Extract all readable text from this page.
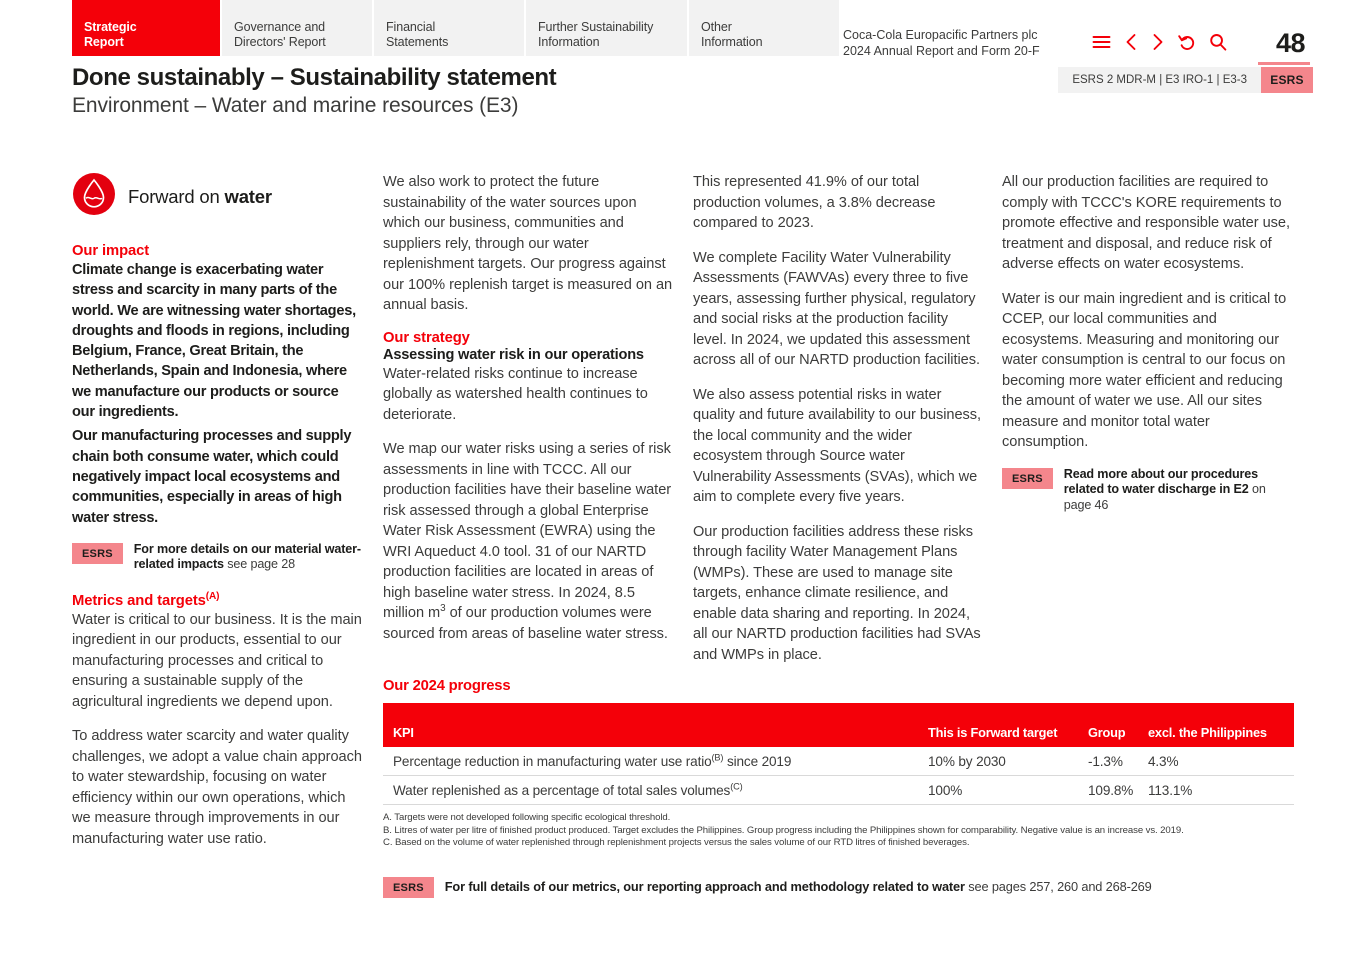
Strategic
Report
Governance and
Directors' Report
Financial
Statements
Further Sustainability
Information
Other
Information	Coca-Cola Europacific Partners plc
2024 Annual Report and Form 20-F	48
Done sustainably – Sustainability statement
Environment – Water and marine resources (E3)
ESRS 2 MDR-M | E3 IRO-1 | E3-3	ESRS
Forward on water
Our impact
Climate change is exacerbating water stress and scarcity in many parts of the world. We are witnessing water shortages, droughts and floods in regions, including Belgium, France, Great Britain, the Netherlands, Spain and Indonesia, where we manufacture our products or source our ingredients.
Our manufacturing processes and supply chain both consume water, which could negatively impact local ecosystems and communities, especially in areas of high water stress.
ESRS	For more details on our material water-related impacts see page 28
Metrics and targets$^{(A)}$

Water is critical to our business. It is the main ingredient in our products, essential to our manufacturing processes and critical to ensuring a sustainable supply of the agricultural ingredients we depend upon.

To address water scarcity and water quality challenges, we adopt a value chain approach to water stewardship, focusing on water efficiency within our own operations, which we measure through improvements in our manufacturing water use ratio.

We also work to protect the future sustainability of the water sources upon which our business, communities and suppliers rely, through our water replenishment targets. Our progress against our 100% replenish target is measured on an annual basis.

Our strategy
Assessing water risk in our operations

Water-related risks continue to increase globally as watershed health continues to deteriorate.

We map our water risks using a series of risk assessments in line with TCCC. All our production facilities have their baseline water risk assessed through a global Enterprise Water Risk Assessment (EWRA) using the WRI Aqueduct 4.0 tool. 31 of our NARTD production facilities are located in areas of high baseline water stress. In 2024, 8.5 million $m^3$ of our production volumes were sourced from areas of baseline water stress.

This represented 41.9% of our total production volumes, a 3.8% decrease compared to 2023.

We complete Facility Water Vulnerability Assessments (FAWVAs) every three to five years, assessing further physical, regulatory and social risks at the production facility level. In 2024, we updated this assessment across all of our NARTD production facilities.

We also assess potential risks in water quality and future availability to our business, the local community and the wider ecosystem through Source water Vulnerability Assessments (SVAs), which we aim to complete every five years.

Our production facilities address these risks through facility Water Management Plans (WMPs). These are used to manage site targets, enhance climate resilience, and enable data sharing and reporting. In 2024, all our NARTD production facilities had SVAs and WMPs in place.

All our production facilities are required to comply with TCCC's KORE requirements to promote effective and responsible water use, treatment and disposal, and reduce risk of adverse effects on water ecosystems.

Water is our main ingredient and is critical to CCEP, our local communities and ecosystems. Measuring and monitoring our water consumption is central to our focus on becoming more water efficient and reducing the amount of water we use. All our sites measure and monitor total water consumption.

ESRS	Read more about our procedures related to water discharge in E2 on page 46
Our 2024 progress
KPI	This is Forward target	Group	excl. the Philippines
Percentage reduction in manufacturing water use ratio$^{(B)}$ since 2019	10% by 2030	-1.3%	4.3%
Water replenished as a percentage of total sales volumes$^{(C)}$	100%	109.8%	113.1%
A. Targets were not developed following specific ecological threshold.
B. Litres of water per litre of finished product produced. Target excludes the Philippines. Group progress including the Philippines shown for comparability. Negative value is an increase vs. 2019.
C. Based on the volume of water replenished through replenishment projects versus the sales volume of our RTD litres of finished beverages.
ESRS	For full details of our metrics, our reporting approach and methodology related to water see pages 257, 260 and 268-269
